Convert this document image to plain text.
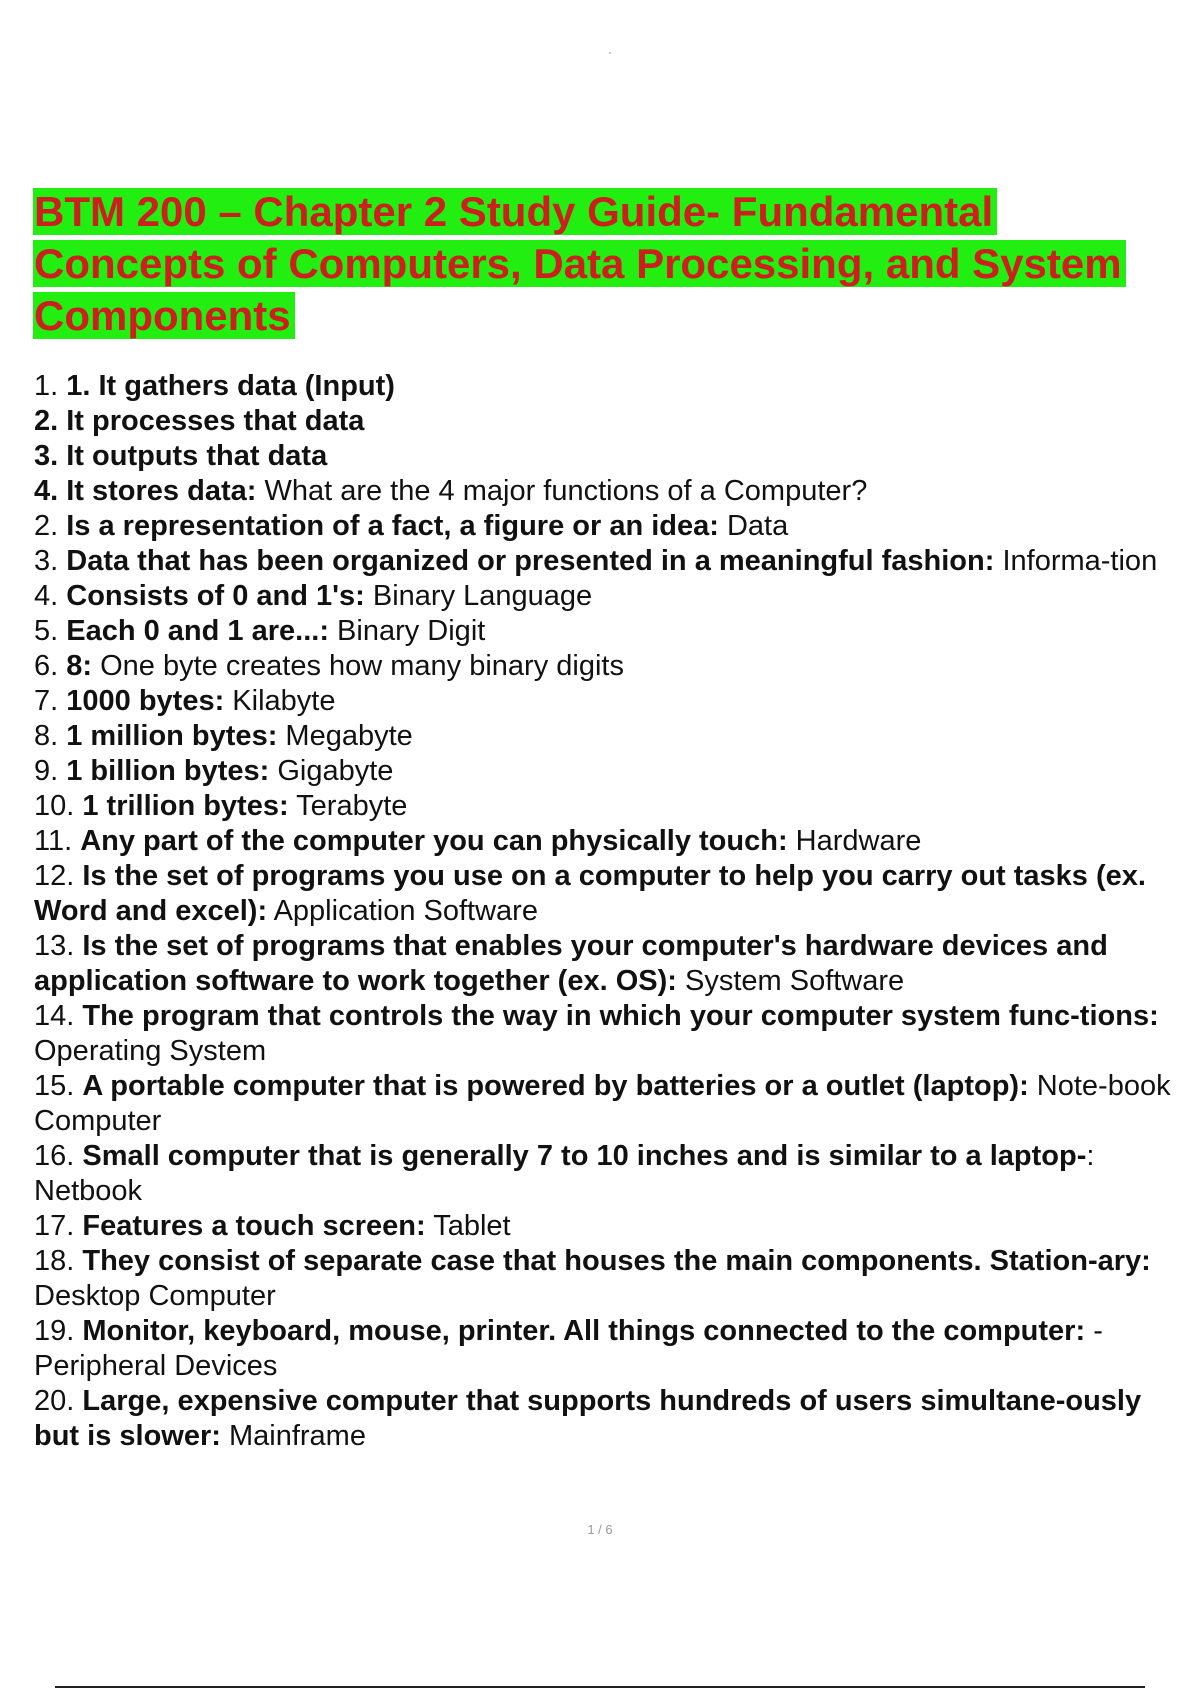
BTM 200 – Chapter 2 Study Guide- Fundamental
Concepts of Computers, Data Processing, and System
Components
1. 1. It gathers data (Input)
2. It processes that data
3. It outputs that data
4. It stores data: What are the 4 major functions of a Computer?
2. Is a representation of a fact, a figure or an idea: Data
3. Data that has been organized or presented in a meaningful fashion: Informa-tion
4. Consists of 0 and 1's: Binary Language
5. Each 0 and 1 are...: Binary Digit
6. 8: One byte creates how many binary digits
7. 1000 bytes: Kilabyte
8. 1 million bytes: Megabyte
9. 1 billion bytes: Gigabyte
10. 1 trillion bytes: Terabyte
11. Any part of the computer you can physically touch: Hardware
12. Is the set of programs you use on a computer to help you carry out tasks (ex. Word and excel): Application Software
13. Is the set of programs that enables your computer's hardware devices and application software to work together (ex. OS): System Software
14. The program that controls the way in which your computer system func-tions: Operating System
15. A portable computer that is powered by batteries or a outlet (laptop): Note-book Computer
16. Small computer that is generally 7 to 10 inches and is similar to a laptop-: Netbook
17. Features a touch screen: Tablet
18. They consist of separate case that houses the main components. Station-ary: Desktop Computer
19. Monitor, keyboard, mouse, printer. All things connected to the computer: -Peripheral Devices
20. Large, expensive computer that supports hundreds of users simultane-ously but is slower: Mainframe
1 / 6
